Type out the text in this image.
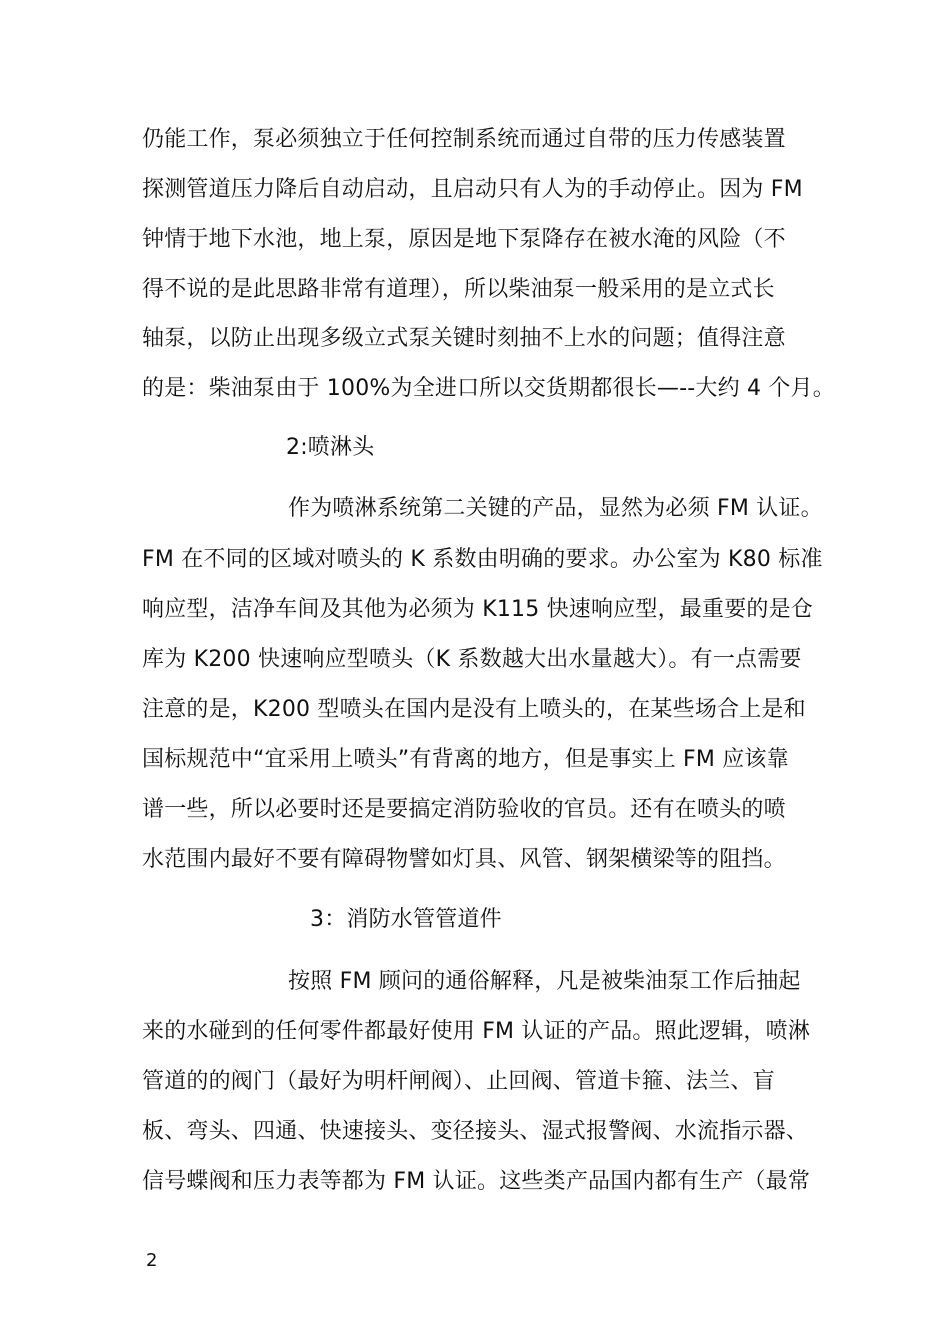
仍能工作，泵必须独立于任何控制系统而通过自带的压力传感装置
探测管道压力降后自动启动，且启动只有人为的手动停止。因为 FM
钟情于地下水池，地上泵，原因是地下泵降存在被水淹的风险（不
得不说的是此思路非常有道理），所以柴油泵一般采用的是立式长
轴泵，以防止出现多级立式泵关键时刻抽不上水的问题；值得注意
的是：柴油泵由于 100%为全进口所以交货期都很长—--大约 4 个月。
2:喷淋头
作为喷淋系统第二关键的产品，显然为必须 FM 认证。
FM 在不同的区域对喷头的 K 系数由明确的要求。办公室为 K80 标准
响应型，洁净车间及其他为必须为 K115 快速响应型，最重要的是仓
库为 K200 快速响应型喷头（K 系数越大出水量越大）。有一点需要
注意的是，K200 型喷头在国内是没有上喷头的，在某些场合上是和
国标规范中“宜采用上喷头”有背离的地方，但是事实上 FM 应该靠
谱一些，所以必要时还是要搞定消防验收的官员。还有在喷头的喷
水范围内最好不要有障碍物譬如灯具、风管、钢架横梁等的阻挡。
3：消防水管管道件
按照 FM 顾问的通俗解释，凡是被柴油泵工作后抽起
来的水碰到的任何零件都最好使用 FM 认证的产品。照此逻辑，喷淋
管道的的阀门（最好为明杆闸阀）、止回阀、管道卡箍、法兰、盲
板、弯头、四通、快速接头、变径接头、湿式报警阀、水流指示器、
信号蝶阀和压力表等都为 FM 认证。这些类产品国内都有生产（最常
2
